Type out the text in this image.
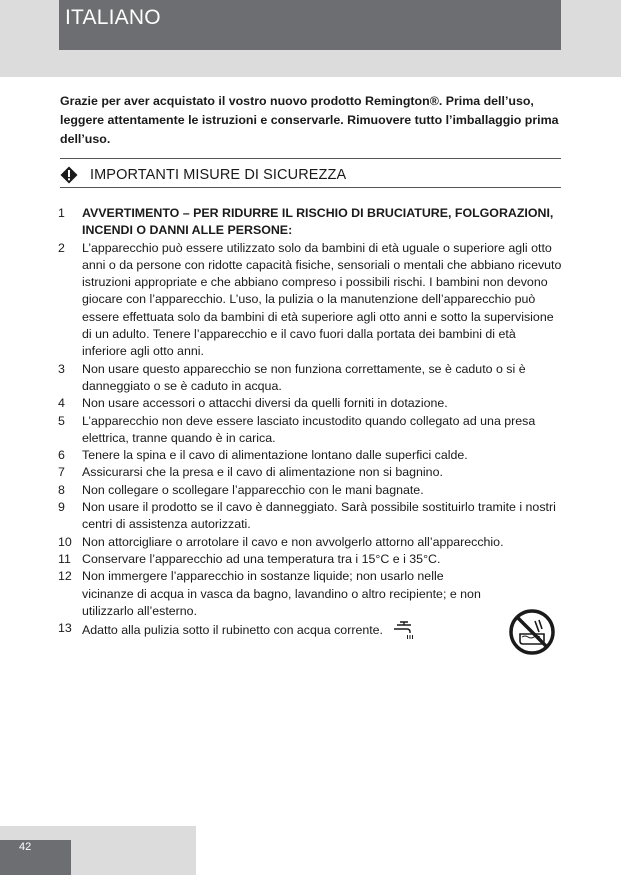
ITALIANO
Grazie per aver acquistato il vostro nuovo prodotto Remington®. Prima dell’uso, leggere attentamente le istruzioni e conservarle. Rimuovere tutto l’imballaggio prima dell’uso.
IMPORTANTI MISURE DI SICUREZZA
1	AVVERTIMENTO – PER RIDURRE IL RISCHIO DI BRUCIATURE, FOLGORAZIONI, INCENDI O DANNI ALLE PERSONE:
2	L’apparecchio può essere utilizzato solo da bambini di età uguale o superiore agli otto anni o da persone con ridotte capacità fisiche, sensoriali o mentali che abbiano ricevuto istruzioni appropriate e che abbiano compreso i possibili rischi. I bambini non devono giocare con l’apparecchio. L’uso, la pulizia o la manutenzione dell’apparecchio può essere effettuata solo da bambini di età superiore agli otto anni e sotto la supervisione di un adulto. Tenere l’apparecchio e il cavo fuori dalla portata dei bambini di età inferiore agli otto anni.
3	Non usare questo apparecchio se non funziona correttamente, se è caduto o si è danneggiato o se è caduto in acqua.
4	Non usare accessori o attacchi diversi da quelli forniti in dotazione.
5	L’apparecchio non deve essere lasciato incustodito quando collegato ad una presa elettrica, tranne quando è in carica.
6	Tenere la spina e il cavo di alimentazione lontano dalle superfici calde.
7	Assicurarsi che la presa e il cavo di alimentazione non si bagnino.
8	Non collegare o scollegare l’apparecchio con le mani bagnate.
9	Non usare il prodotto se il cavo è danneggiato. Sarà possibile sostituirlo tramite i nostri centri di assistenza autorizzati.
10 Non attorcigliare o arrotolare il cavo e non avvolgerlo attorno all’apparecchio.
11 Conservare l’apparecchio ad una temperatura tra i 15°C e i 35°C.
12 Non immergere l’apparecchio in sostanze liquide; non usarlo nelle vicinanze di acqua in vasca da bagno, lavandino o altro recipiente; e non utilizzarlo all’esterno.
13 Adatto alla pulizia sotto il rubinetto con acqua corrente.
42
